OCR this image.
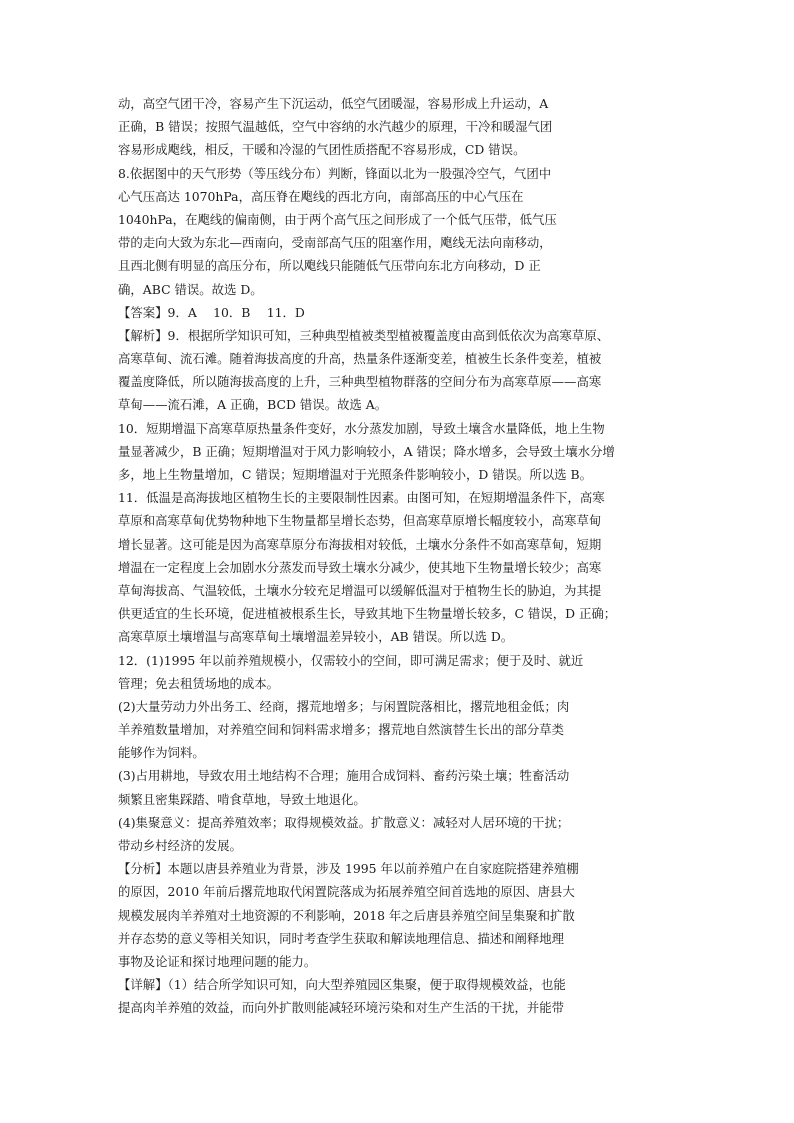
动，高空气团干冷，容易产生下沉运动，低空气团暖湿，容易形成上升运动，A
正确，B 错误；按照气温越低，空气中容纳的水汽越少的原理，干冷和暖湿气团
容易形成飑线，相反，干暖和冷湿的气团性质搭配不容易形成，CD 错误。
8.依据图中的天气形势（等压线分布）判断，锋面以北为一股强冷空气，气团中
心气压高达 1070hPa，高压脊在飑线的西北方向，南部高压的中心气压在
1040hPa，在飑线的偏南侧，由于两个高气压之间形成了一个低气压带，低气压
带的走向大致为东北—西南向，受南部高气压的阻塞作用，飑线无法向南移动，
且西北侧有明显的高压分布，所以飑线只能随低气压带向东北方向移动，D 正
确，ABC 错误。故选 D。
【答案】9．A　 10．B　 11．D
【解析】9．根据所学知识可知，三种典型植被类型植被覆盖度由高到低依次为高寒草原、
高寒草甸、流石滩。随着海拔高度的升高，热量条件逐渐变差，植被生长条件变差，植被
覆盖度降低，所以随海拔高度的上升，三种典型植物群落的空间分布为高寒草原——高寒
草甸——流石滩，A 正确，BCD 错误。故选 A。
10．短期增温下高寒草原热量条件变好，水分蒸发加剧，导致土壤含水量降低，地上生物
量显著减少，B 正确；短期增温对于风力影响较小，A 错误；降水增多，会导致土壤水分增
多，地上生物量增加，C 错误；短期增温对于光照条件影响较小，D 错误。所以选 B。
11．低温是高海拔地区植物生长的主要限制性因素。由图可知，在短期增温条件下，高寒
草原和高寒草甸优势物种地下生物量都呈增长态势，但高寒草原增长幅度较小，高寒草甸
增长显著。这可能是因为高寒草原分布海拔相对较低，土壤水分条件不如高寒草甸，短期
增温在一定程度上会加剧水分蒸发而导致土壤水分减少，使其地下生物量增长较少；高寒
草甸海拔高、气温较低，土壤水分较充足增温可以缓解低温对于植物生长的胁迫，为其提
供更适宜的生长环境，促进植被根系生长，导致其地下生物量增长较多，C 错误，D 正确；
高寒草原土壤增温与高寒草甸土壤增温差异较小，AB 错误。所以选 D。
12．(1)1995 年以前养殖规模小，仅需较小的空间，即可满足需求；便于及时、就近
管理；免去租赁场地的成本。
(2)大量劳动力外出务工、经商，撂荒地增多；与闲置院落相比，撂荒地租金低；肉
羊养殖数量增加，对养殖空间和饲料需求增多；撂荒地自然演替生长出的部分草类
能够作为饲料。
(3)占用耕地，导致农用土地结构不合理；施用合成饲料、畜药污染土壤；牲畜活动
频繁且密集踩踏、啃食草地，导致土地退化。
(4)集聚意义：提高养殖效率；取得规模效益。扩散意义：减轻对人居环境的干扰；
带动乡村经济的发展。
【分析】本题以唐县养殖业为背景，涉及 1995 年以前养殖户在自家庭院搭建养殖棚
的原因，2010 年前后撂荒地取代闲置院落成为拓展养殖空间首选地的原因、唐县大
规模发展肉羊养殖对土地资源的不利影响，2018 年之后唐县养殖空间呈集聚和扩散
并存态势的意义等相关知识，同时考查学生获取和解读地理信息、描述和阐释地理
事物及论证和探讨地理问题的能力。
【详解】（1）结合所学知识可知，向大型养殖园区集聚，便于取得规模效益，也能
提高肉羊养殖的效益，而向外扩散则能减轻环境污染和对生产生活的干扰，并能带
